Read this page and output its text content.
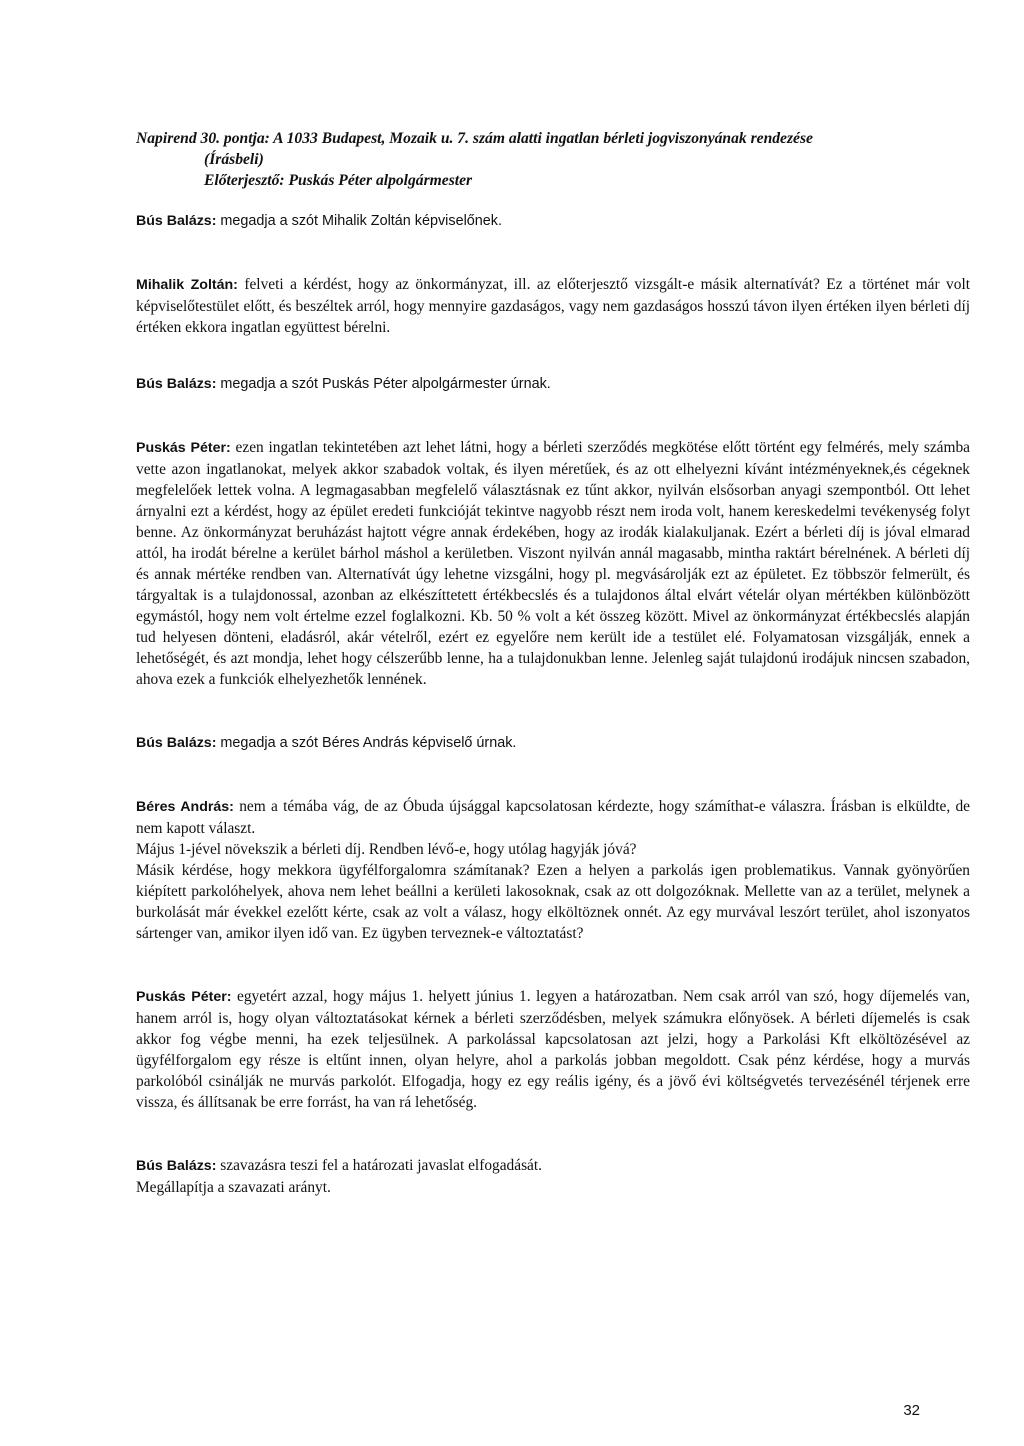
Napirend 30. pontja: A 1033 Budapest, Mozaik u. 7. szám alatti ingatlan bérleti jogviszonyának rendezése
(Írásbeli)
Előterjesztő: Puskás Péter alpolgármester

Bús Balázs: megadja a szót Mihalik Zoltán képviselőnek.

Mihalik Zoltán: felveti a kérdést, hogy az önkormányzat, ill. az előterjesztő vizsgált-e másik alternatívát? Ez a történet már volt képviselőtestület előtt, és beszéltek arról, hogy mennyire gazdaságos, vagy nem gazdaságos hosszú távon ilyen értéken ilyen bérleti díj értéken ekkora ingatlan együttest bérelni.

Bús Balázs: megadja a szót Puskás Péter alpolgármester úrnak.

Puskás Péter: ezen ingatlan tekintetében azt lehet látni, hogy a bérleti szerződés megkötése előtt történt egy felmérés, mely számba vette azon ingatlanokat, melyek akkor szabadok voltak, és ilyen méretűek, és az ott elhelyezni kívánt intézményeknek,és cégeknek megfelelőek lettek volna. A legmagasabban megfelelő választásnak ez tűnt akkor, nyilván elsősorban anyagi szempontból. Ott lehet árnyalni ezt a kérdést, hogy az épület eredeti funkcióját tekintve nagyobb részt nem iroda volt, hanem kereskedelmi tevékenység folyt benne. Az önkormányzat beruházást hajtott végre annak érdekében, hogy az irodák kialakuljanak. Ezért a bérleti díj is jóval elmarad attól, ha irodát bérelne a kerület bárhol máshol a kerületben. Viszont nyilván annál magasabb, mintha raktárt bérelnének. A bérleti díj és annak mértéke rendben van. Alternatívát úgy lehetne vizsgálni, hogy pl. megvásárolják ezt az épületet. Ez többször felmerült, és tárgyaltak is a tulajdonossal, azonban az elkészíttetett értékbecslés és a tulajdonos által elvárt vételár olyan mértékben különbözött egymástól, hogy nem volt értelme ezzel foglalkozni. Kb. 50 % volt a két összeg között. Mivel az önkormányzat értékbecslés alapján tud helyesen dönteni, eladásról, akár vételről, ezért ez egyelőre nem került ide a testület elé. Folyamatosan vizsgálják, ennek a lehetőségét, és azt mondja, lehet hogy célszerűbb lenne, ha a tulajdonukban lenne. Jelenleg saját tulajdonú irodájuk nincsen szabadon, ahova ezek a funkciók elhelyezhetők lennének.

Bús Balázs: megadja a szót Béres András képviselő úrnak.

Béres András: nem a témába vág, de az Óbuda újsággal kapcsolatosan kérdezte, hogy számíthat-e válaszra. Írásban is elküldte, de nem kapott választ.
Május 1-jével növekszik a bérleti díj. Rendben lévő-e, hogy utólag hagyják jóvá?
Másik kérdése, hogy mekkora ügyfélforgalomra számítanak? Ezen a helyen a parkolás igen problematikus. Vannak gyönyörűen kiépített parkolóhelyek, ahova nem lehet beállni a kerületi lakosoknak, csak az ott dolgozóknak. Mellette van az a terület, melynek a burkolását már évekkel ezelőtt kérte, csak az volt a válasz, hogy elköltöznek onnét. Az egy murvával leszórt terület, ahol iszonyatos sártenger van, amikor ilyen idő van. Ez ügyben terveznek-e változtatást?

Puskás Péter: egyetért azzal, hogy május 1. helyett június 1. legyen a határozatban. Nem csak arról van szó, hogy díjemelés van, hanem arról is, hogy olyan változtatásokat kérnek a bérleti szerződésben, melyek számukra előnyösek. A bérleti díjemelés is csak akkor fog végbe menni, ha ezek teljesülnek. A parkolással kapcsolatosan azt jelzi, hogy a Parkolási Kft elköltözésével az ügyfélforgalom egy része is eltűnt innen, olyan helyre, ahol a parkolás jobban megoldott. Csak pénz kérdése, hogy a murvás parkolóból csinálják ne murvás parkolót. Elfogadja, hogy ez egy reális igény, és a jövő évi költségvetés tervezésénél térjenek erre vissza, és állítsanak be erre forrást, ha van rá lehetőség.

Bús Balázs: szavazásra teszi fel a határozati javaslat elfogadását.
Megállapítja a szavazati arányt.

32
